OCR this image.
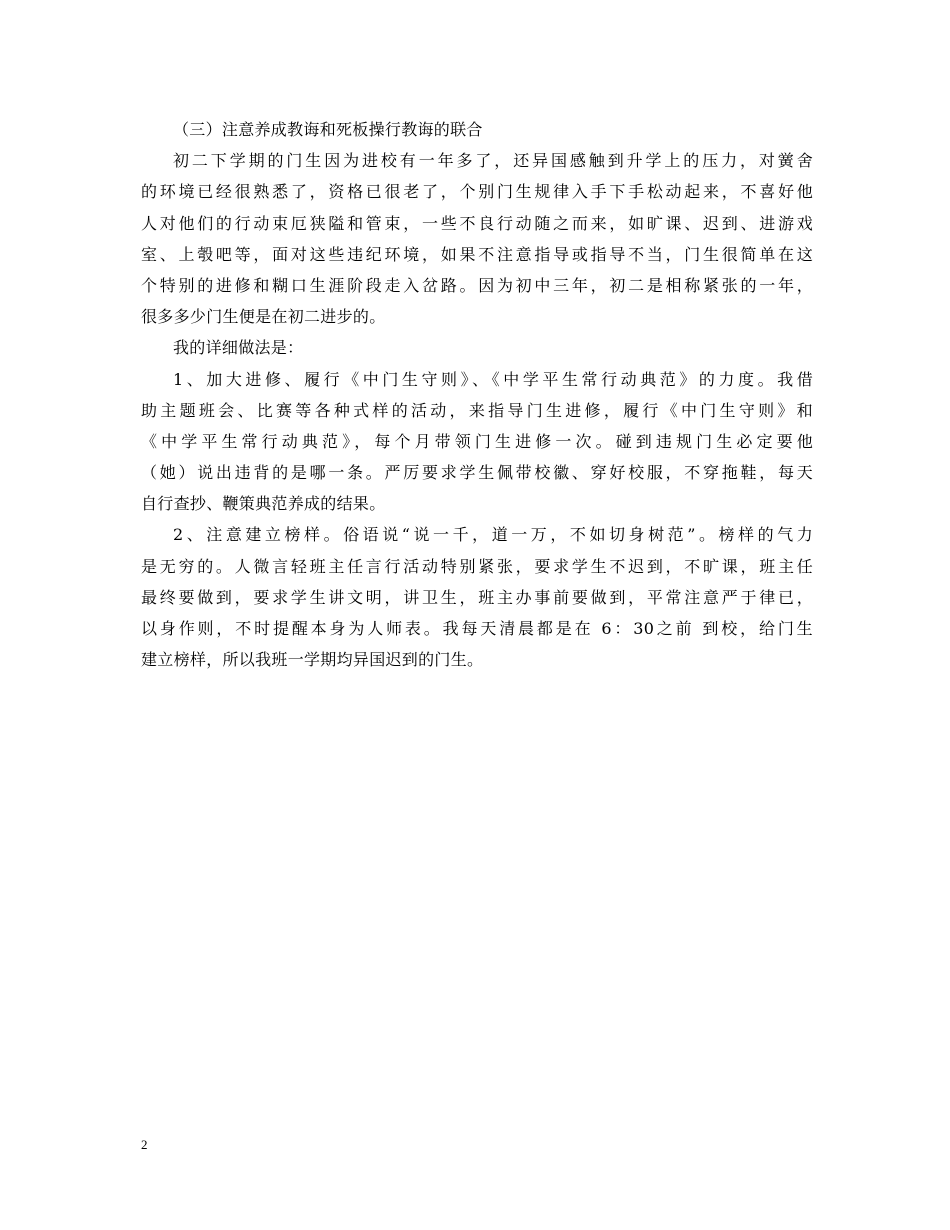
（三）注意养成教诲和死板操行教诲的联合
初二下学期的门生因为进校有一年多了，还异国感触到升学上的压力，对黉舍
的环境已经很熟悉了，资格已很老了，个别门生规律入手下手松动起来，不喜好他
人对他们的行动束厄狭隘和管束，一些不良行动随之而来，如旷课、迟到、进游戏
室、上彀吧等，面对这些违纪环境，如果不注意指导或指导不当，门生很简单在这
个特别的进修和糊口生涯阶段走入岔路。因为初中三年，初二是相称紧张的一年，
很多多少门生便是在初二进步的。
我的详细做法是：
1、加大进修、履行《中门生守则》、《中学平生常行动典范》的力度。我借
助主题班会、比赛等各种式样的活动，来指导门生进修，履行《中门生守则》和
《中学平生常行动典范》，每个月带领门生进修一次。碰到违规门生必定要他
（她）说出违背的是哪一条。严厉要求学生佩带校徽、穿好校服，不穿拖鞋，每天
自行查抄、鞭策典范养成的结果。
2、注意建立榜样。俗语说“说一千，道一万，不如切身树范”。榜样的气力
是无穷的。人微言轻班主任言行活动特别紧张，要求学生不迟到，不旷课，班主任
最终要做到，要求学生讲文明，讲卫生，班主办事前要做到，平常注意严于律已，
以身作则，不时提醒本身为人师表。我每天清晨都是在 6：30之前 到校，给门生
建立榜样，所以我班一学期均异国迟到的门生。
2
